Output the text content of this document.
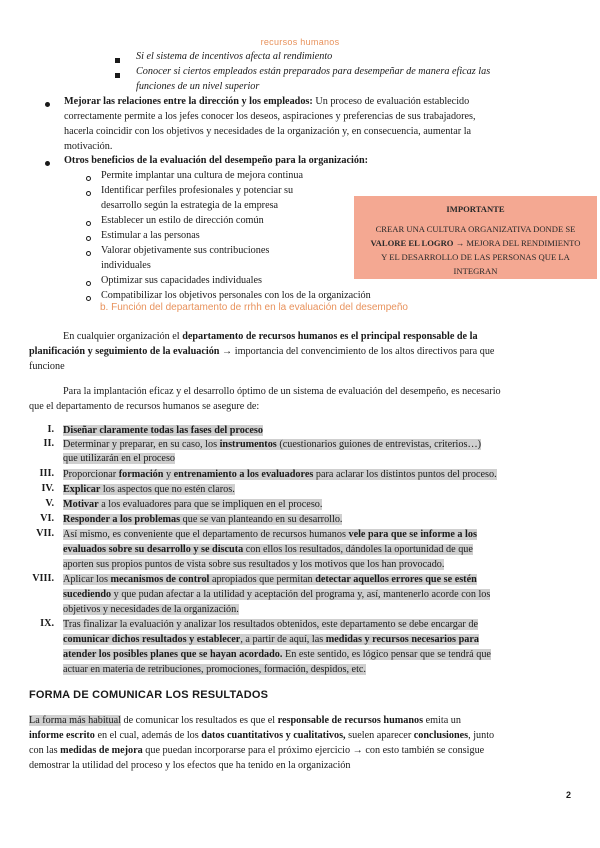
recursos humanos
Si el sistema de incentivos afecta al rendimiento
Conocer si ciertos empleados están preparados para desempeñar de manera eficaz las
funciones de un nivel superior
Mejorar las relaciones entre la dirección y los empleados: Un proceso de evaluación establecido
correctamente permite a los jefes conocer los deseos, aspiraciones y preferencias de sus trabajadores,
hacerla coincidir con los objetivos y necesidades de la organización y, en consecuencia, aumentar la
motivación.
Otros beneficios de la evaluación del desempeño para la organización:
Permite implantar una cultura de mejora continua
Identificar perfiles profesionales y potenciar su
desarrollo según la estrategia de la empresa
Establecer un estilo de dirección común
Estimular a las personas
Valorar objetivamente sus contribuciones
individuales
Optimizar sus capacidades individuales
Compatibilizar los objetivos personales con los de la organización
IMPORTANTE
CREAR UNA CULTURA ORGANIZATIVA DONDE SE
VALORE EL LOGRO → MEJORA DEL RENDIMIENTO
Y EL DESARROLLO DE LAS PERSONAS QUE LA
INTEGRAN
b. Función del departamento de rrhh en la evaluación del desempeño
En cualquier organización el departamento de recursos humanos es el principal responsable de la
planificación y seguimiento de la evaluación → importancia del convencimiento de los altos directivos para que
funcione
Para la implantación eficaz y el desarrollo óptimo de un sistema de evaluación del desempeño, es necesario
que el departamento de recursos humanos se asegure de:
I. Diseñar claramente todas las fases del proceso
II. Determinar y preparar, en su caso, los instrumentos (cuestionarios guiones de entrevistas, criterios…)
que utilizarán en el proceso
III. Proporcionar formación y entrenamiento a los evaluadores para aclarar los distintos puntos del proceso.
IV. Explicar los aspectos que no estén claros.
V. Motivar a los evaluadores para que se impliquen en el proceso.
VI. Responder a los problemas que se van planteando en su desarrollo.
VII. Así mismo, es conveniente que el departamento de recursos humanos vele para que se informe a los
evaluados sobre su desarrollo y se discuta con ellos los resultados, dándoles la oportunidad de que
aporten sus propios puntos de vista sobre sus resultados y los motivos que los han provocado.
VIII. Aplicar los mecanismos de control apropiados que permitan detectar aquellos errores que se estén
sucediendo y que pudan afectar a la utilidad y aceptación del programa y, así, mantenerlo acorde con los
objetivos y necesidades de la organización.
IX. Tras finalizar la evaluación y analizar los resultados obtenidos, este departamento se debe encargar de
comunicar dichos resultados y establecer, a partir de aquí, las medidas y recursos necesarios para
atender los posibles planes que se hayan acordado. En este sentido, es lógico pensar que se tendrá que
actuar en materia de retribuciones, promociones, formación, despidos, etc.
FORMA DE COMUNICAR LOS RESULTADOS
La forma más habitual de comunicar los resultados es que el responsable de recursos humanos emita un
informe escrito en el cual, además de los datos cuantitativos y cualitativos, suelen aparecer conclusiones, junto
con las medidas de mejora que puedan incorporarse para el próximo ejercicio → con esto también se consigue
demostrar la utilidad del proceso y los efectos que ha tenido en la organización
2
